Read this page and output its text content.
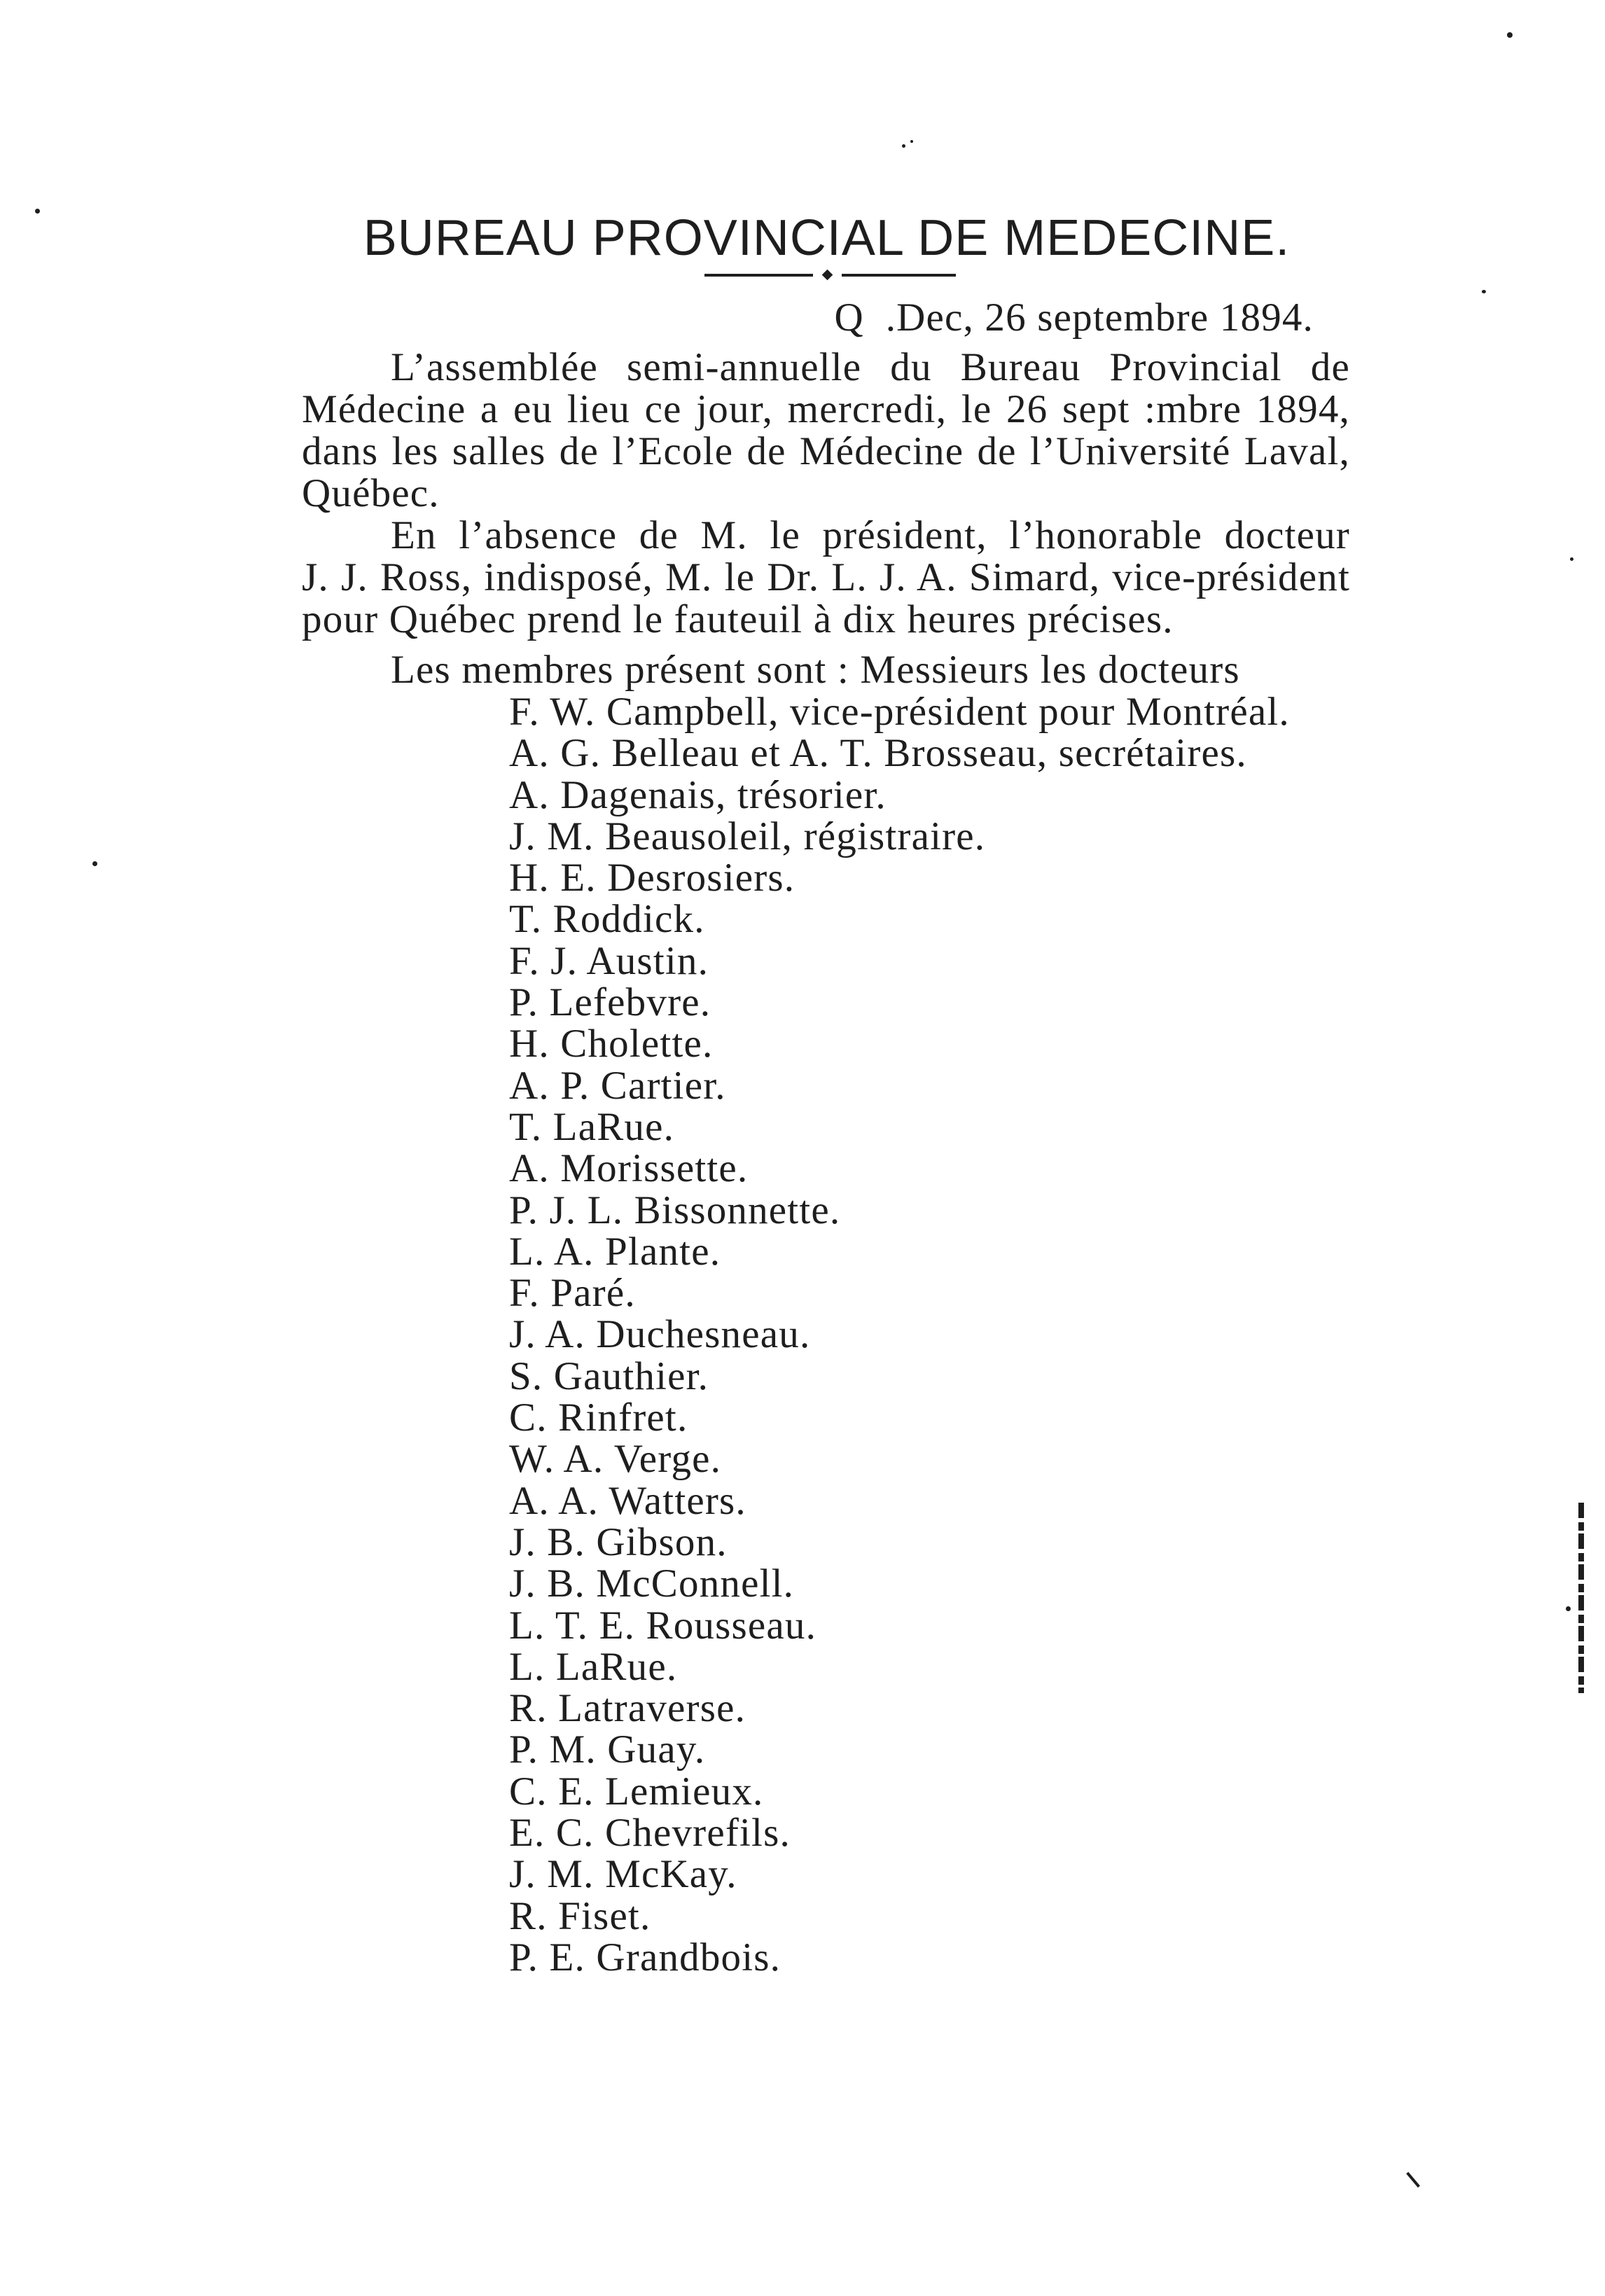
BUREAU PROVINCIAL DE MEDECINE.
Q  .Dec, 26 septembre 1894.
L’assemblée semi-annuelle du Bureau Provincial de
Médecine a eu lieu ce jour, mercredi, le 26 sept :mbre 1894,
dans les salles de l’Ecole de Médecine de l’Université Laval,
Québec.
En l’absence de M. le président, l’honorable docteur
J. J. Ross, indisposé, M. le Dr. L. J. A. Simard, vice-président
pour Québec prend le fauteuil à dix heures précises.
Les membres présent sont : Messieurs les docteurs
F. W. Campbell, vice-président pour Montréal.
A. G. Belleau et A. T. Brosseau, secrétaires.
A. Dagenais, trésorier.
J. M. Beausoleil, régistraire.
H. E. Desrosiers.
T. Roddick.
F. J. Austin.
P. Lefebvre.
H. Cholette.
A. P. Cartier.
T. LaRue.
A. Morissette.
P. J. L. Bissonnette.
L. A. Plante.
F. Paré.
J. A. Duchesneau.
S. Gauthier.
C. Rinfret.
W. A. Verge.
A. A. Watters.
J. B. Gibson.
J. B. McConnell.
L. T. E. Rousseau.
L. LaRue.
R. Latraverse.
P. M. Guay.
C. E. Lemieux.
E. C. Chevrefils.
J. M. McKay.
R. Fiset.
P. E. Grandbois.
